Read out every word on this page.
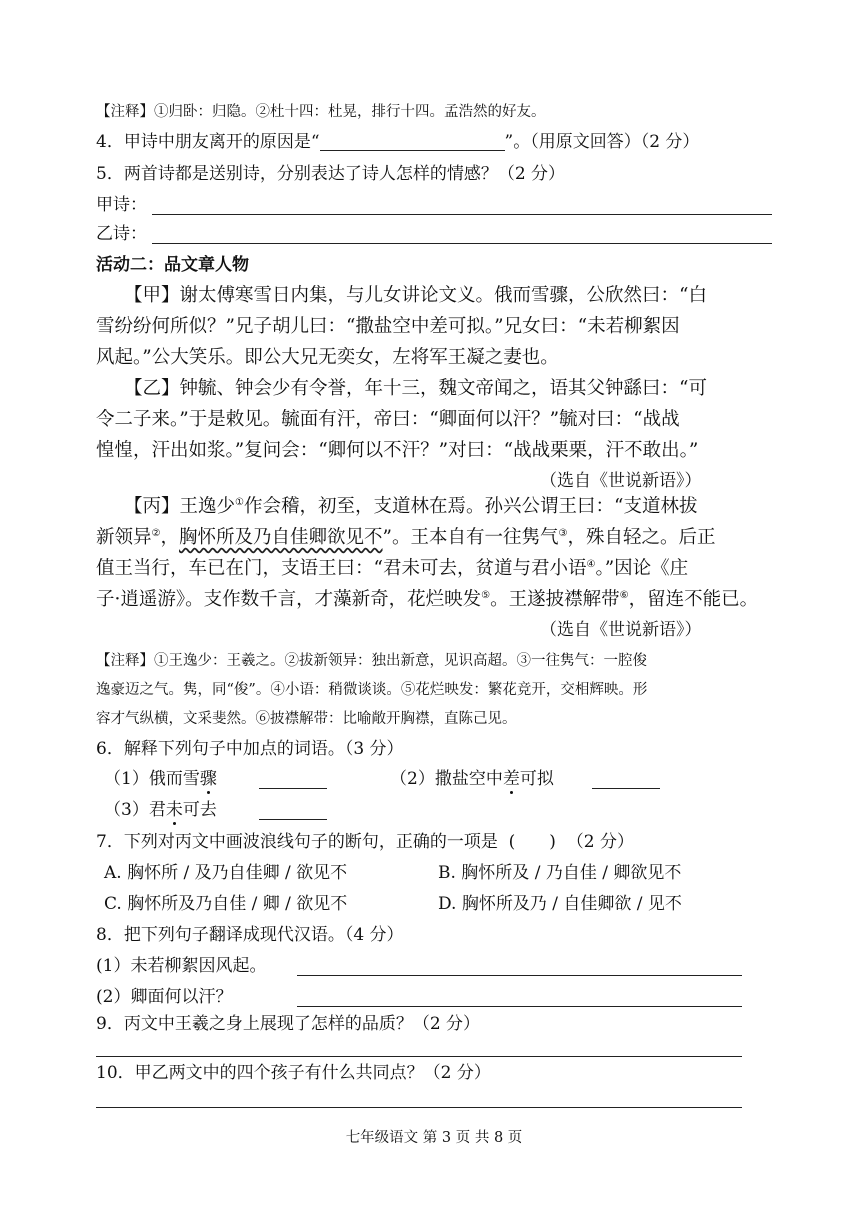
【注释】①归卧：归隐。②杜十四：杜晃，排行十四。孟浩然的好友。
4．甲诗中朋友离开的原因是“	”。（用原文回答）（2 分）
5．两首诗都是送别诗，分别表达了诗人怎样的情感？（2 分）
甲诗：
乙诗：
活动二：品文章人物
【甲】谢太傅寒雪日内集，与儿女讲论文义。俄而雪骤，公欣然曰：“白
雪纷纷何所似？”兄子胡儿曰：“撒盐空中差可拟。”兄女曰：“未若柳絮因
风起。”公大笑乐。即公大兄无奕女，左将军王凝之妻也。
【乙】钟毓、钟会少有令誉，年十三，魏文帝闻之，语其父钟繇曰：“可
令二子来。”于是敕见。毓面有汗，帝曰：“卿面何以汗？”毓对曰：“战战
惶惶，汗出如浆。”复问会：“卿何以不汗？”对曰：“战战栗栗，汗不敢出。”
（选自《世说新语》）
【丙】王逸少①作会稽，初至，支道林在焉。孙兴公谓王曰：“支道林拔
新领异②，胸怀所及乃自佳卿欲见不”。王本自有一往隽气③，殊自轻之。后正
值王当行，车已在门，支语王曰：“君未可去，贫道与君小语④。”因论《庄
子·逍遥游》。支作数千言，才藻新奇，花烂映发⑤。王遂披襟解带⑥，留连不能已。
（选自《世说新语》）
【注释】①王逸少：王羲之。②拔新领异：独出新意，见识高超。③一往隽气：一腔俊
逸豪迈之气。隽，同“俊”。④小语：稍微谈谈。⑤花烂映发：繁花竞开，交相辉映。形
容才气纵横，文采斐然。⑥披襟解带：比喻敞开胸襟，直陈己见。
6．解释下列句子中加点的词语。（3 分）
（1）俄而雪骤	（2）撒盐空中差可拟
（3）君未可去
7．下列对丙文中画波浪线句子的断句，正确的一项是 (　　) （2 分）
A. 胸怀所 / 及乃自佳卿 / 欲见不	B. 胸怀所及 / 乃自佳 / 卿欲见不
C. 胸怀所及乃自佳 / 卿 / 欲见不	D. 胸怀所及乃 / 自佳卿欲 / 见不
8．把下列句子翻译成现代汉语。（4 分）
(1）未若柳絮因风起。
(2）卿面何以汗？
9．丙文中王羲之身上展现了怎样的品质？（2 分）
10．甲乙两文中的四个孩子有什么共同点？（2 分）
七年级语文 第 3 页 共 8 页
